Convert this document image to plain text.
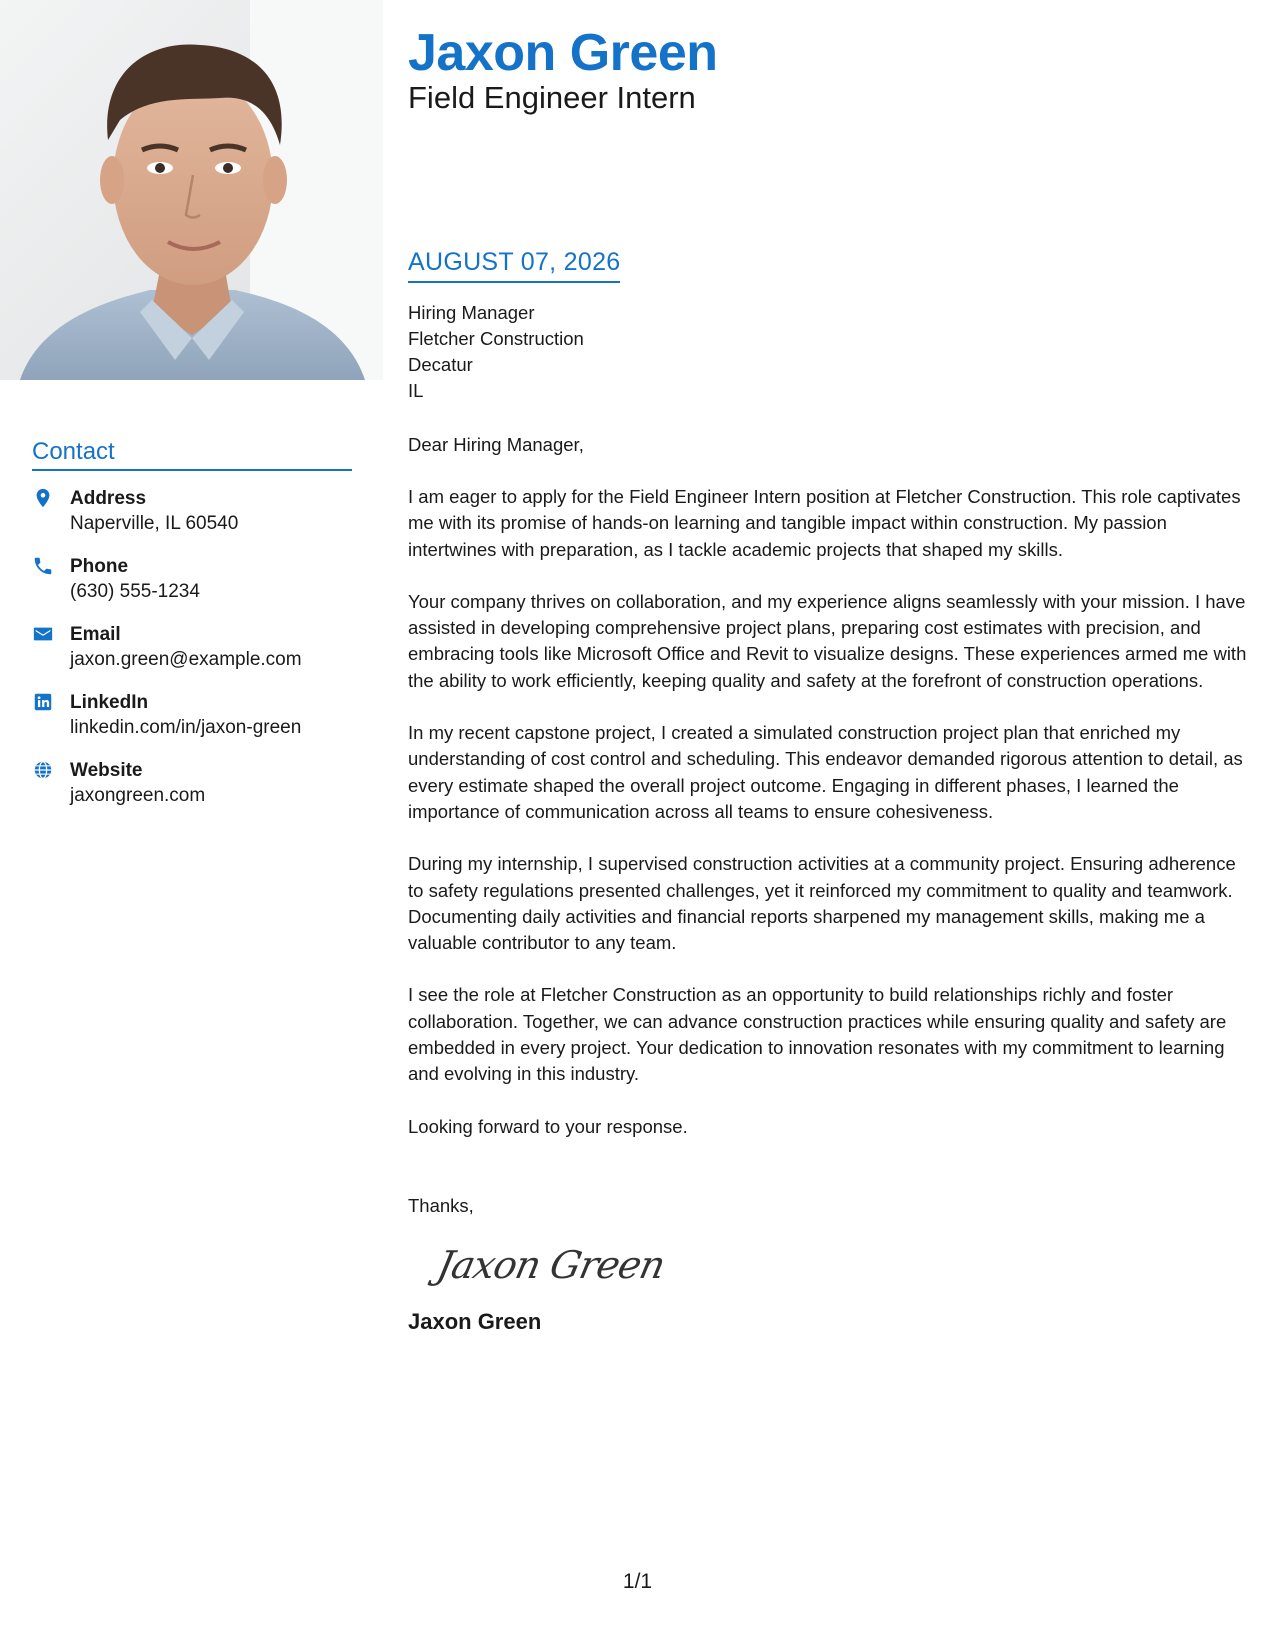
Contact
Address
Naperville, IL 60540
Phone
(630) 555-1234
Email
jaxon.green@example.com
LinkedIn
linkedin.com/in/jaxon-green
Website
jaxongreen.com
Jaxon Green
Field Engineer Intern
AUGUST 07, 2026
Hiring Manager
Fletcher Construction
Decatur
IL
Dear Hiring Manager,

I am eager to apply for the Field Engineer Intern position at Fletcher Construction. This role captivates me with its promise of hands-on learning and tangible impact within construction. My passion intertwines with preparation, as I tackle academic projects that shaped my skills.

Your company thrives on collaboration, and my experience aligns seamlessly with your mission. I have assisted in developing comprehensive project plans, preparing cost estimates with precision, and embracing tools like Microsoft Office and Revit to visualize designs. These experiences armed me with the ability to work efficiently, keeping quality and safety at the forefront of construction operations.

In my recent capstone project, I created a simulated construction project plan that enriched my understanding of cost control and scheduling. This endeavor demanded rigorous attention to detail, as every estimate shaped the overall project outcome. Engaging in different phases, I learned the importance of communication across all teams to ensure cohesiveness.

During my internship, I supervised construction activities at a community project. Ensuring adherence to safety regulations presented challenges, yet it reinforced my commitment to quality and teamwork. Documenting daily activities and financial reports sharpened my management skills, making me a valuable contributor to any team.

I see the role at Fletcher Construction as an opportunity to build relationships richly and foster collaboration. Together, we can advance construction practices while ensuring quality and safety are embedded in every project. Your dedication to innovation resonates with my commitment to learning and evolving in this industry.

Looking forward to your response.
Thanks,
Jaxon Green
Jaxon Green
1/1
